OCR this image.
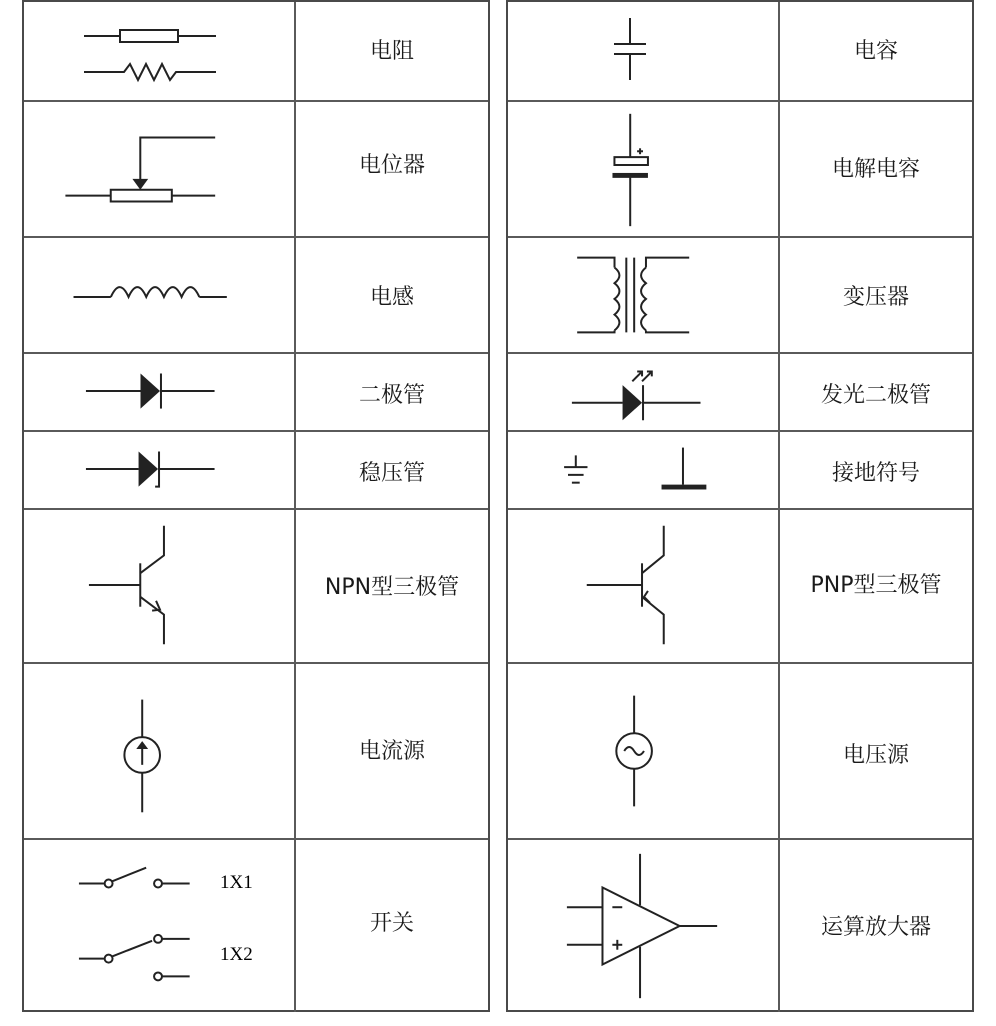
电阻
电位器
电感
二极管
稳压管
NPN型三极管
电流源
1X1
1X2
开关
电容
电解电容
变压器
发光二极管
接地符号
PNP型三极管
电压源
运算放大器
